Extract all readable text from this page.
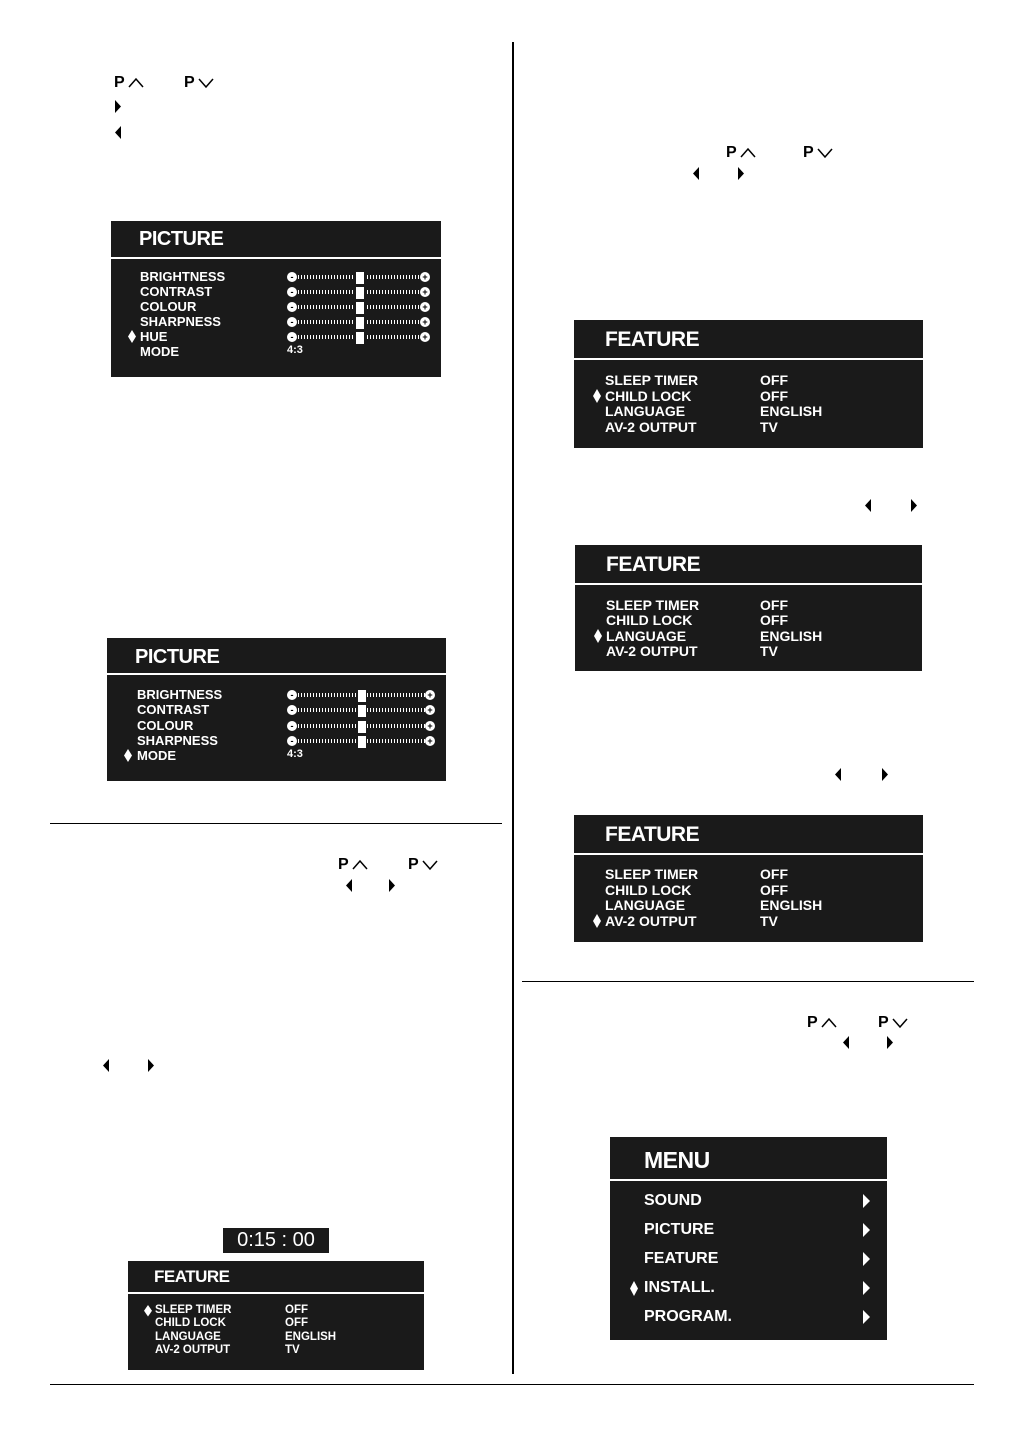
P	P
PICTURE
BRIGHTNESS	-	+
CONTRAST	-	+
COLOUR	-	+
SHARPNESS	-	+
HUE	-	+
MODE	4:3
PICTURE
BRIGHTNESS	-	+
CONTRAST	-	+
COLOUR	-	+
SHARPNESS	-	+
MODE	4:3
P	P
0:15 : 00
FEATURE
SLEEP TIMER	OFF
CHILD LOCK	OFF
LANGUAGE	ENGLISH
AV-2 OUTPUT	TV
P	P
FEATURE
SLEEP TIMER	OFF
CHILD LOCK	OFF
LANGUAGE	ENGLISH
AV-2 OUTPUT	TV
FEATURE
SLEEP TIMER	OFF
CHILD LOCK	OFF
LANGUAGE	ENGLISH
AV-2 OUTPUT	TV
FEATURE
SLEEP TIMER	OFF
CHILD LOCK	OFF
LANGUAGE	ENGLISH
AV-2 OUTPUT	TV
P	P
MENU
SOUND
PICTURE
FEATURE
INSTALL.
PROGRAM.
